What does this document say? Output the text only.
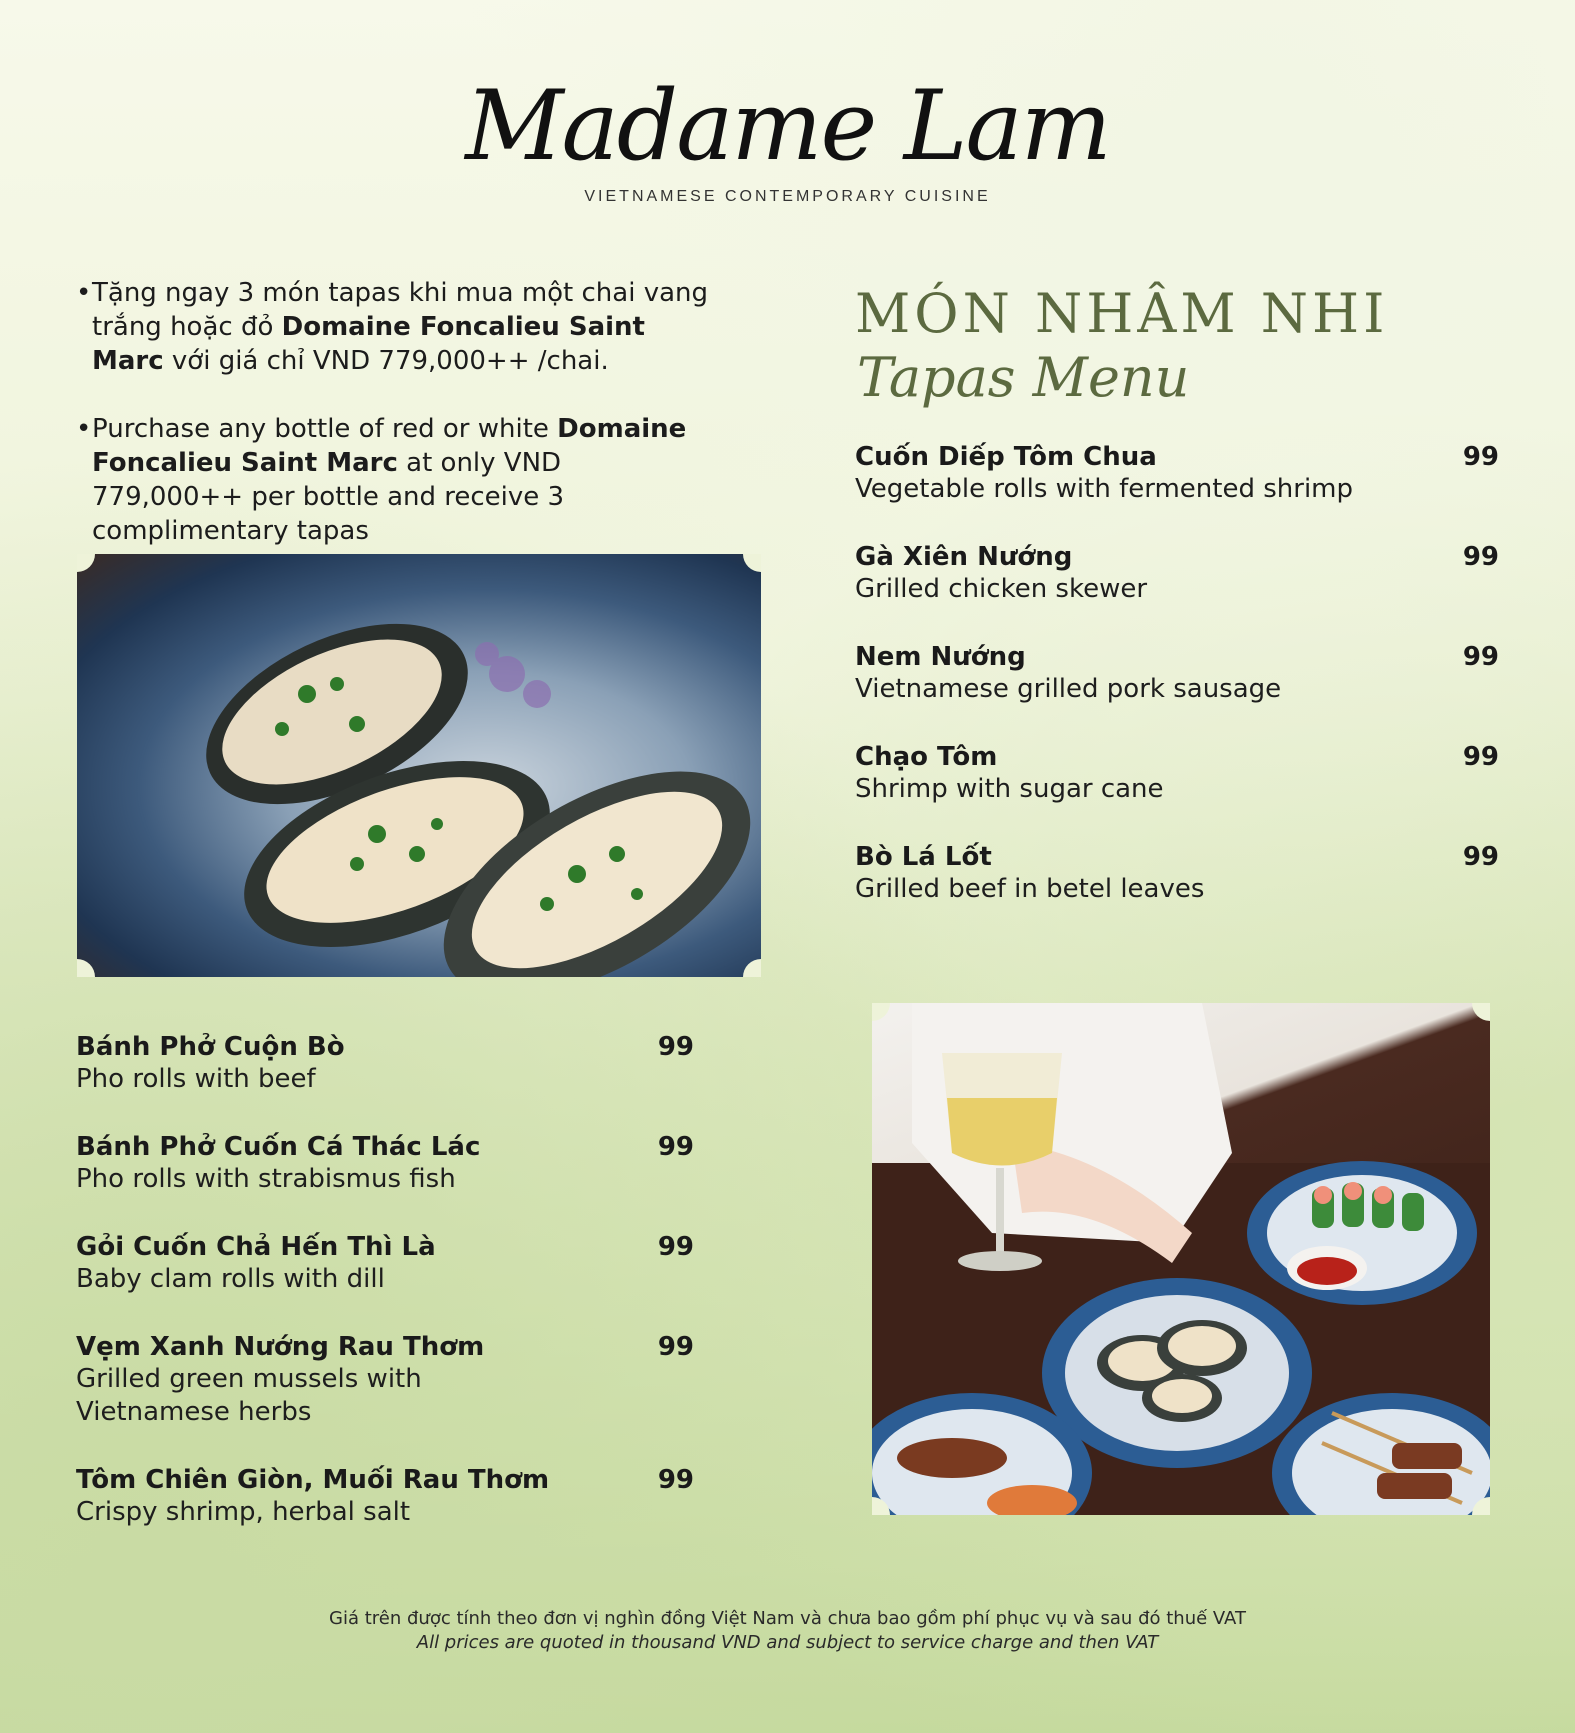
Madame Lam
VIETNAMESE CONTEMPORARY CUISINE

• Tặng ngay 3 món tapas khi mua một chai vang trắng hoặc đỏ Domaine Foncalieu Saint Marc với giá chỉ VND 779,000++ /chai.

• Purchase any bottle of red or white Domaine Foncalieu Saint Marc at only VND 779,000++ per bottle and receive 3 complimentary tapas

MÓN NHÂM NHI
Tapas Menu
Cuốn Diếp Tôm Chua
Vegetable rolls with fermented shrimp
99
Gà Xiên Nướng
Grilled chicken skewer
99
Nem Nướng
Vietnamese grilled pork sausage
99
Chạo Tôm
Shrimp with sugar cane
99
Bò Lá Lốt
Grilled beef in betel leaves
99
Bánh Phở Cuộn Bò
Pho rolls with beef
99
Bánh Phở Cuốn Cá Thác Lác
Pho rolls with strabismus fish
99
Gỏi Cuốn Chả Hến Thì Là
Baby clam rolls with dill
99
Vẹm Xanh Nướng Rau Thơm
Grilled green mussels with
Vietnamese herbs
99
Tôm Chiên Giòn, Muối Rau Thơm
Crispy shrimp, herbal salt
99
Giá trên được tính theo đơn vị nghìn đồng Việt Nam và chưa bao gồm phí phục vụ và sau đó thuế VAT
All prices are quoted in thousand VND and subject to service charge and then VAT
